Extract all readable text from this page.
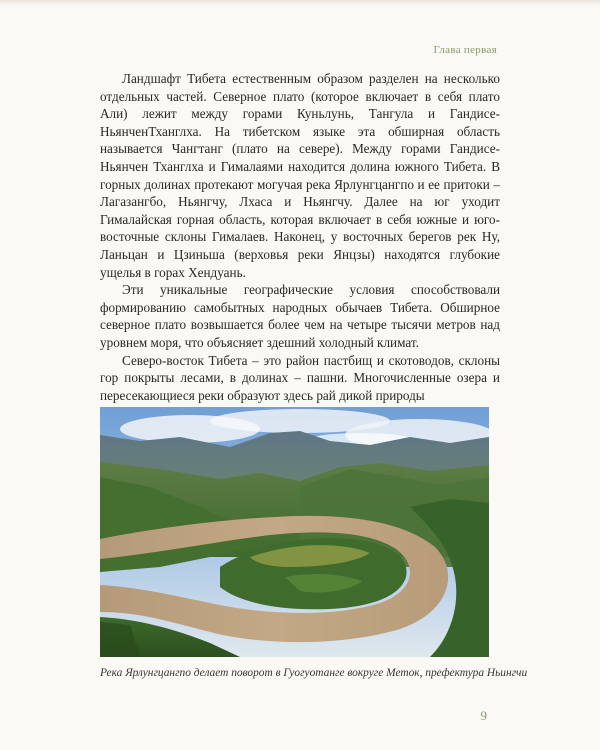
Глава первая

Ландшафт Тибета естественным образом разделен на несколько отдельных частей. Северное плато (которое включает в себя плато Али) лежит между горами Куньлунь, Тангула и Гандисе-НьянченТханглха. На тибетском языке эта обширная область называется Чангтанг (плато на севере). Между горами Гандисе-Ньянчен Тханглха и Гималаями находится долина южного Тибета. В горных долинах протекают могучая река Ярлунгцангпо и ее притоки – Лагазангбо, Ньянгчу, Лхаса и Ньянгчу. Далее на юг уходит Гималайская горная область, которая включает в себя южные и юго-восточные склоны Гималаев. Наконец, у восточных берегов рек Ну, Ланьцан и Цзиньша (верховья реки Янцзы) находятся глубокие ущелья в горах Хендуань.

Эти уникальные географические условия способствовали формированию самобытных народных обычаев Тибета. Обширное северное плато возвышается более чем на четыре тысячи метров над уровнем моря, что объясняет здешний холодный климат.

Северо-восток Тибета – это район пастбищ и скотоводов, склоны гор покрыты лесами, в долинах – пашни. Многочисленные озера и пересекающиеся реки образуют здесь рай дикой природы

Река Ярлунгцангпо делает поворот в Гуогуотанге вокруге Меток, префектура Ньингчи
9
